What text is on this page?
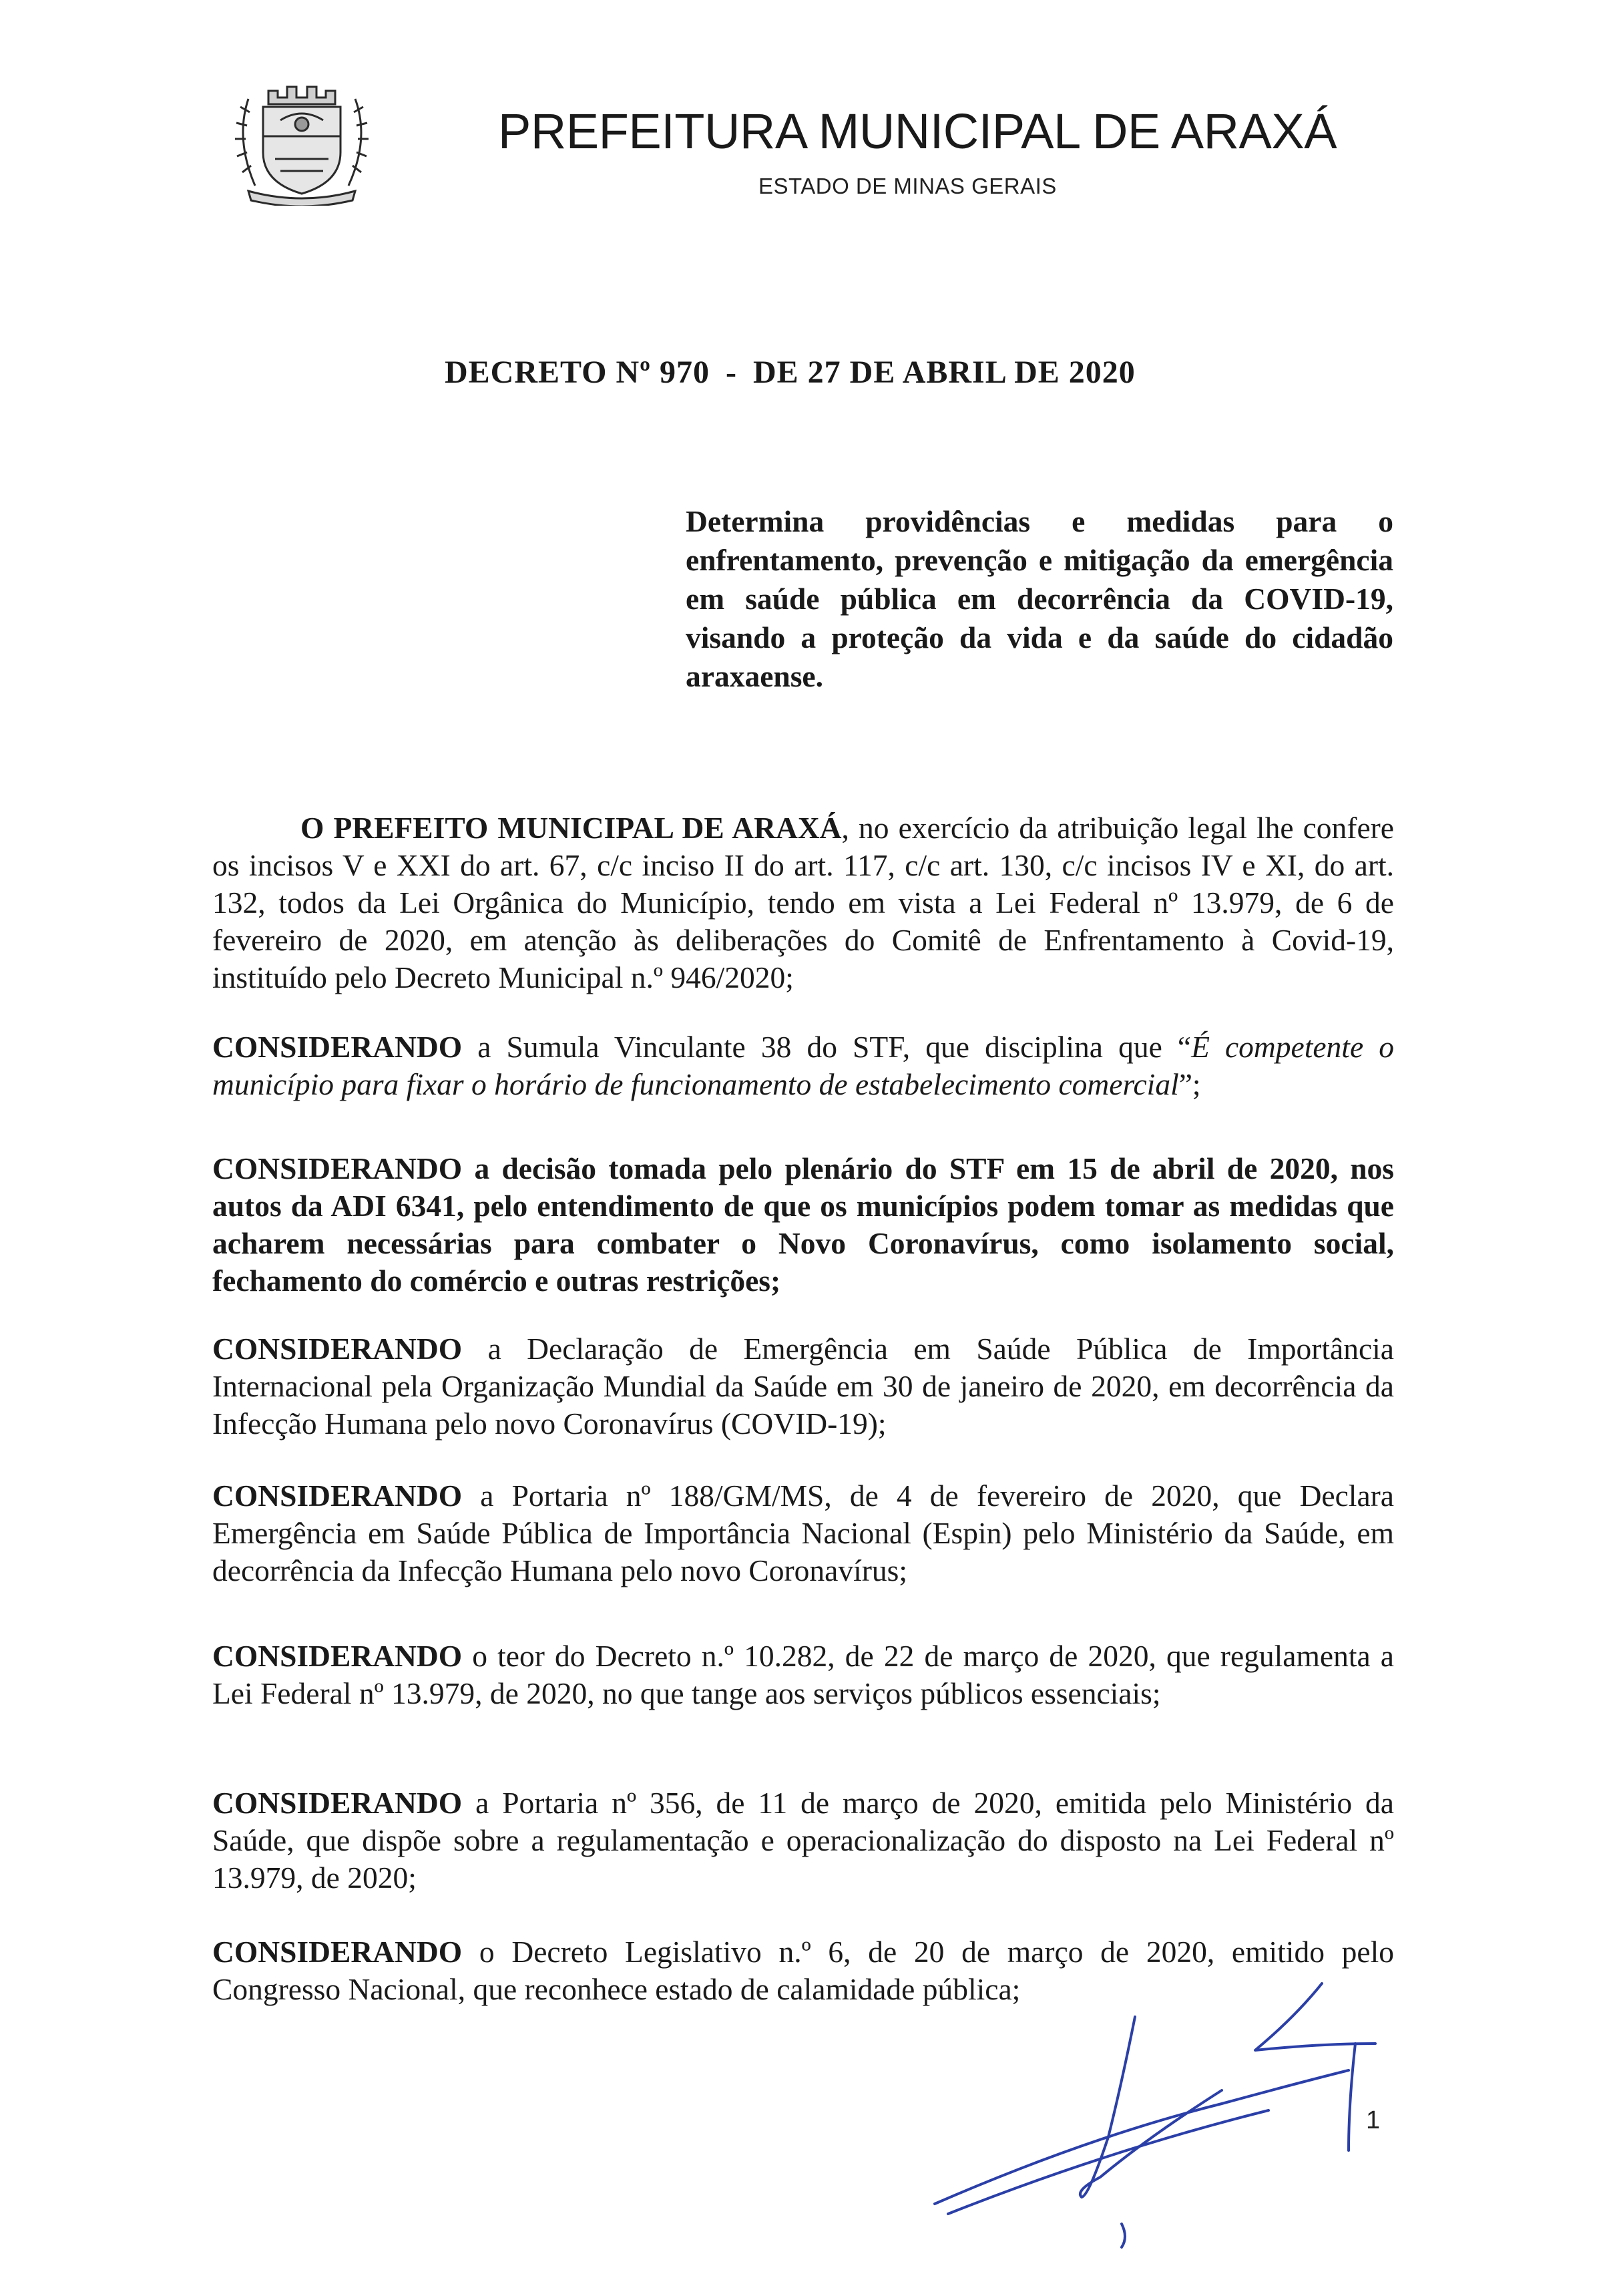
PREFEITURA MUNICIPAL DE ARAXÁ
ESTADO DE MINAS GERAIS
DECRETO Nº 970 - DE 27 DE ABRIL DE 2020
Determina providências e medidas para o enfrentamento, prevenção e mitigação da emergência em saúde pública em decorrência da COVID-19, visando a proteção da vida e da saúde do cidadão araxaense.

O PREFEITO MUNICIPAL DE ARAXÁ, no exercício da atribuição legal lhe confere os incisos V e XXI do art. 67, c/c inciso II do art. 117, c/c art. 130, c/c incisos IV e XI, do art. 132, todos da Lei Orgânica do Município, tendo em vista a Lei Federal nº 13.979, de 6 de fevereiro de 2020, em atenção às deliberações do Comitê de Enfrentamento à Covid-19, instituído pelo Decreto Municipal n.º 946/2020;

CONSIDERANDO a Sumula Vinculante 38 do STF, que disciplina que “É competente o município para fixar o horário de funcionamento de estabelecimento comercial”;

CONSIDERANDO a decisão tomada pelo plenário do STF em 15 de abril de 2020, nos autos da ADI 6341, pelo entendimento de que os municípios podem tomar as medidas que acharem necessárias para combater o Novo Coronavírus, como isolamento social, fechamento do comércio e outras restrições;

CONSIDERANDO a Declaração de Emergência em Saúde Pública de Importância Internacional pela Organização Mundial da Saúde em 30 de janeiro de 2020, em decorrência da Infecção Humana pelo novo Coronavírus (COVID-19);

CONSIDERANDO a Portaria nº 188/GM/MS, de 4 de fevereiro de 2020, que Declara Emergência em Saúde Pública de Importância Nacional (Espin) pelo Ministério da Saúde, em decorrência da Infecção Humana pelo novo Coronavírus;

CONSIDERANDO o teor do Decreto n.º 10.282, de 22 de março de 2020, que regulamenta a Lei Federal nº 13.979, de 2020, no que tange aos serviços públicos essenciais;

CONSIDERANDO a Portaria nº 356, de 11 de março de 2020, emitida pelo Ministério da Saúde, que dispõe sobre a regulamentação e operacionalização do disposto na Lei Federal nº 13.979, de 2020;

CONSIDERANDO o Decreto Legislativo n.º 6, de 20 de março de 2020, emitido pelo Congresso Nacional, que reconhece estado de calamidade pública;

1
